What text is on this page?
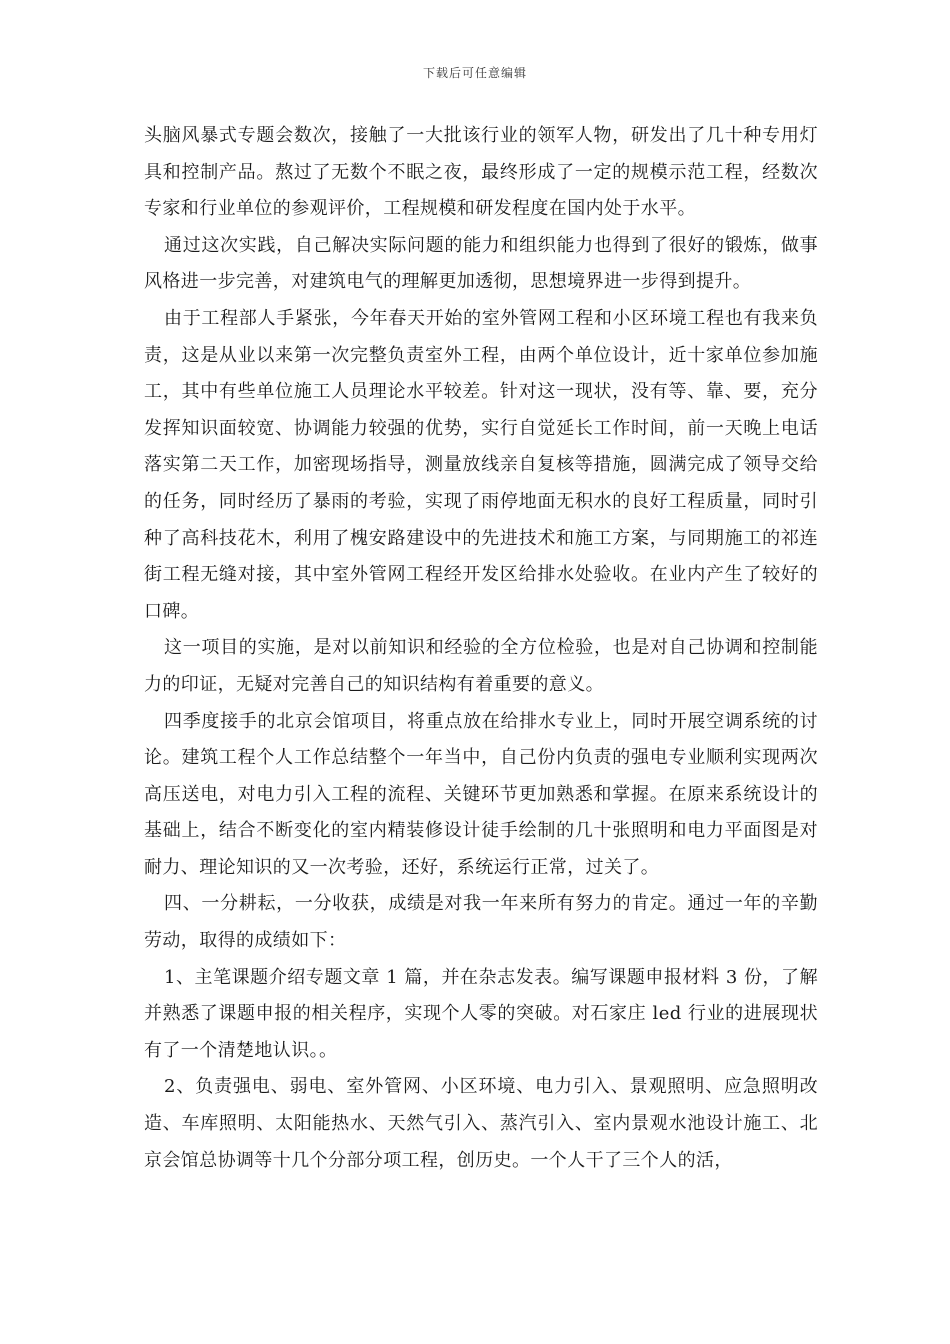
下载后可任意编辑

头脑风暴式专题会数次，接触了一大批该行业的领军人物，研发出了几十种专用灯具和控制产品。熬过了无数个不眠之夜，最终形成了一定的规模示范工程，经数次专家和行业单位的参观评价，工程规模和研发程度在国内处于水平。

通过这次实践，自己解决实际问题的能力和组织能力也得到了很好的锻炼，做事风格进一步完善，对建筑电气的理解更加透彻，思想境界进一步得到提升。

由于工程部人手紧张，今年春天开始的室外管网工程和小区环境工程也有我来负责，这是从业以来第一次完整负责室外工程，由两个单位设计，近十家单位参加施工，其中有些单位施工人员理论水平较差。针对这一现状，没有等、靠、要，充分发挥知识面较宽、协调能力较强的优势，实行自觉延长工作时间，前一天晚上电话落实第二天工作，加密现场指导，测量放线亲自复核等措施，圆满完成了领导交给的任务，同时经历了暴雨的考验，实现了雨停地面无积水的良好工程质量，同时引种了高科技花木，利用了槐安路建设中的先进技术和施工方案，与同期施工的祁连街工程无缝对接，其中室外管网工程经开发区给排水处验收。在业内产生了较好的口碑。

这一项目的实施，是对以前知识和经验的全方位检验，也是对自己协调和控制能力的印证，无疑对完善自己的知识结构有着重要的意义。

四季度接手的北京会馆项目，将重点放在给排水专业上，同时开展空调系统的讨论。建筑工程个人工作总结整个一年当中，自己份内负责的强电专业顺利实现两次高压送电，对电力引入工程的流程、关键环节更加熟悉和掌握。在原来系统设计的基础上，结合不断变化的室内精装修设计徒手绘制的几十张照明和电力平面图是对耐力、理论知识的又一次考验，还好，系统运行正常，过关了。

四、一分耕耘，一分收获，成绩是对我一年来所有努力的肯定。通过一年的辛勤劳动，取得的成绩如下：

1、主笔课题介绍专题文章 1 篇，并在杂志发表。编写课题申报材料 3 份，了解并熟悉了课题申报的相关程序，实现个人零的突破。对石家庄 led 行业的进展现状有了一个清楚地认识。。

2、负责强电、弱电、室外管网、小区环境、电力引入、景观照明、应急照明改造、车库照明、太阳能热水、天然气引入、蒸汽引入、室内景观水池设计施工、北京会馆总协调等十几个分部分项工程，创历史。一个人干了三个人的活，
